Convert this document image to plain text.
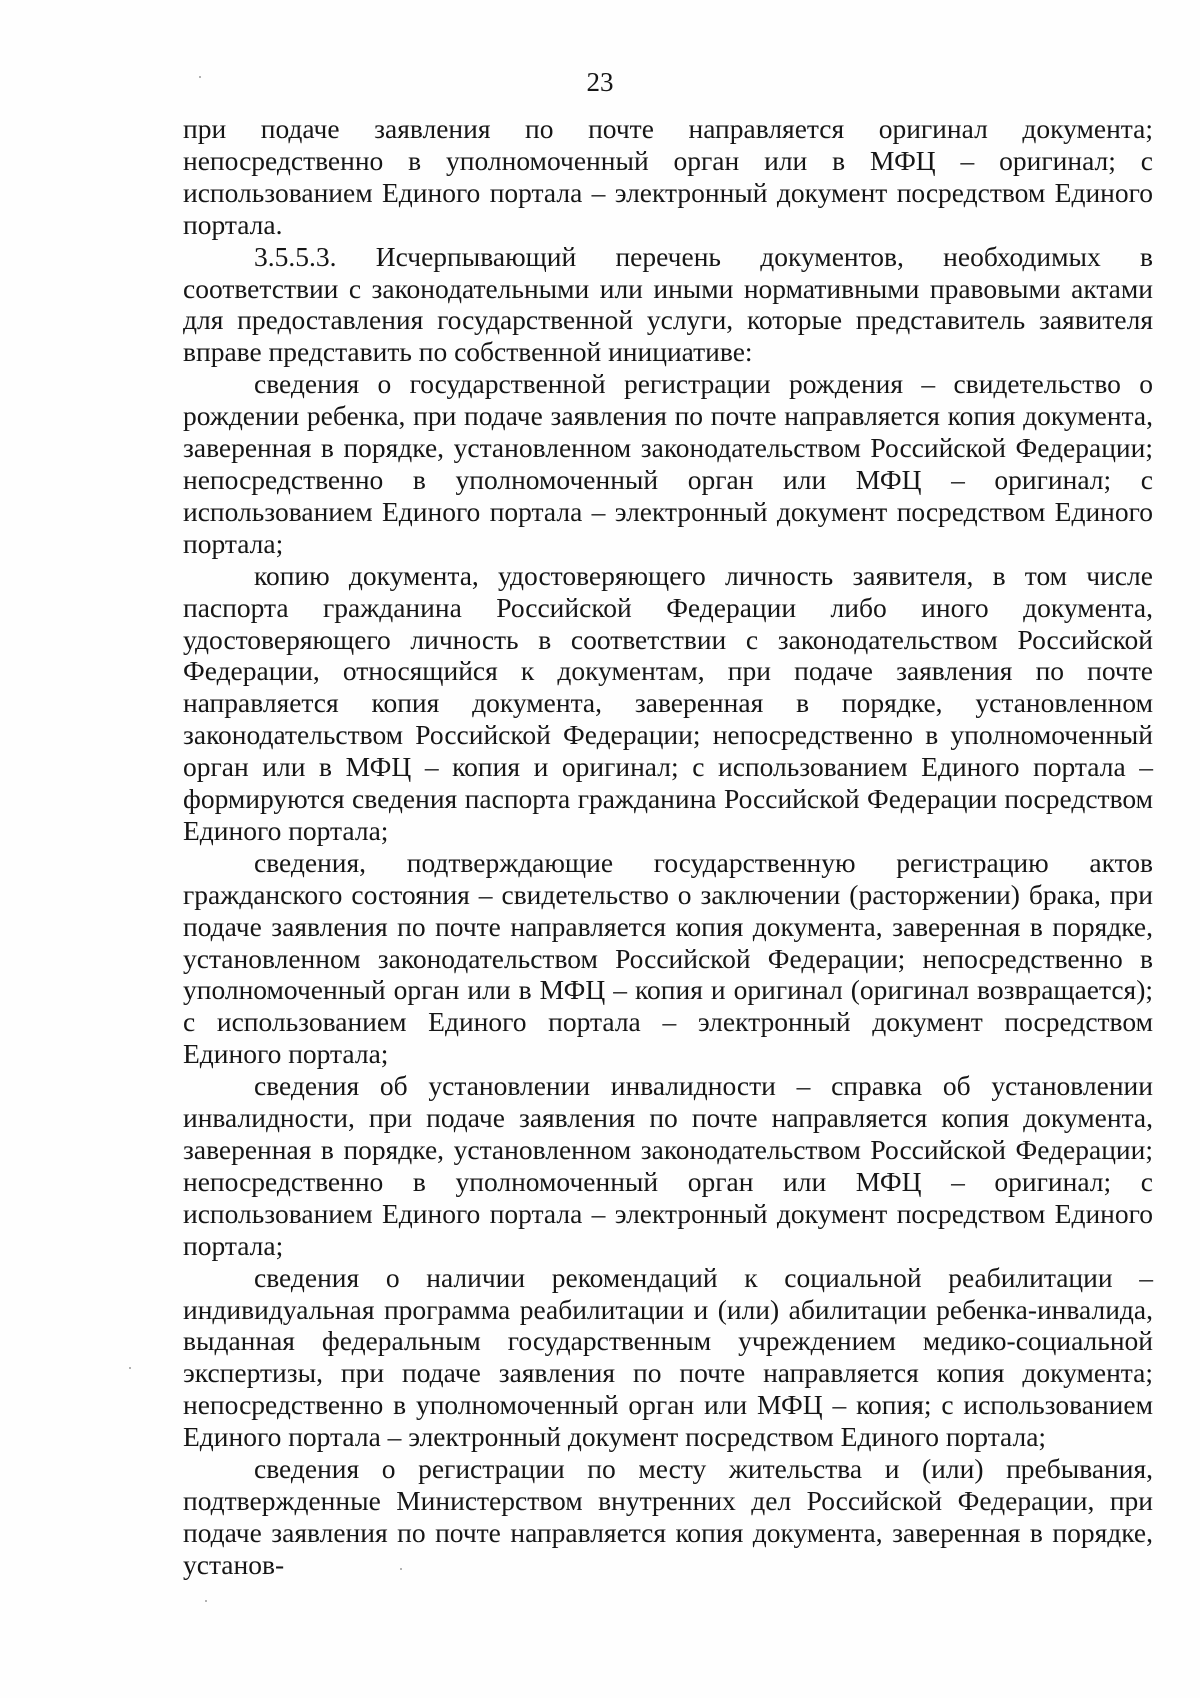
23

при подаче заявления по почте направляется оригинал документа; непосредственно в уполномоченный орган или в МФЦ – оригинал; с использованием Единого портала – электронный документ посредством Единого портала.

3.5.5.3. Исчерпывающий перечень документов, необходимых в соответствии с законодательными или иными нормативными правовыми актами для предоставления государственной услуги, которые представитель заявителя вправе представить по собственной инициативе:

сведения о государственной регистрации рождения – свидетельство о рождении ребенка, при подаче заявления по почте направляется копия документа, заверенная в порядке, установленном законодательством Российской Федерации; непосредственно в уполномоченный орган или МФЦ – оригинал; с использованием Единого портала – электронный документ посредством Единого портала;

копию документа, удостоверяющего личность заявителя, в том числе паспорта гражданина Российской Федерации либо иного документа, удостоверяющего личность в соответствии с законодательством Российской Федерации, относящийся к документам, при подаче заявления по почте направляется копия документа, заверенная в порядке, установленном законодательством Российской Федерации; непосредственно в уполномоченный орган или в МФЦ – копия и оригинал; с использованием Единого портала – формируются сведения паспорта гражданина Российской Федерации посредством Единого портала;

сведения, подтверждающие государственную регистрацию актов гражданского состояния – свидетельство о заключении (расторжении) брака, при подаче заявления по почте направляется копия документа, заверенная в порядке, установленном законодательством Российской Федерации; непосредственно в уполномоченный орган или в МФЦ – копия и оригинал (оригинал возвращается); с использованием Единого портала – электронный документ посредством Единого портала;

сведения об установлении инвалидности – справка об установлении инвалидности, при подаче заявления по почте направляется копия документа, заверенная в порядке, установленном законодательством Российской Федерации; непосредственно в уполномоченный орган или МФЦ – оригинал; с использованием Единого портала – электронный документ посредством Единого портала;

сведения о наличии рекомендаций к социальной реабилитации – индивидуальная программа реабилитации и (или) абилитации ребенка-инвалида, выданная федеральным государственным учреждением медико-социальной экспертизы, при подаче заявления по почте направляется копия документа; непосредственно в уполномоченный орган или МФЦ – копия; с использованием Единого портала – электронный документ посредством Единого портала;

сведения о регистрации по месту жительства и (или) пребывания, подтвержденные Министерством внутренних дел Российской Федерации, при подаче заявления по почте направляется копия документа, заверенная в порядке, установ-
